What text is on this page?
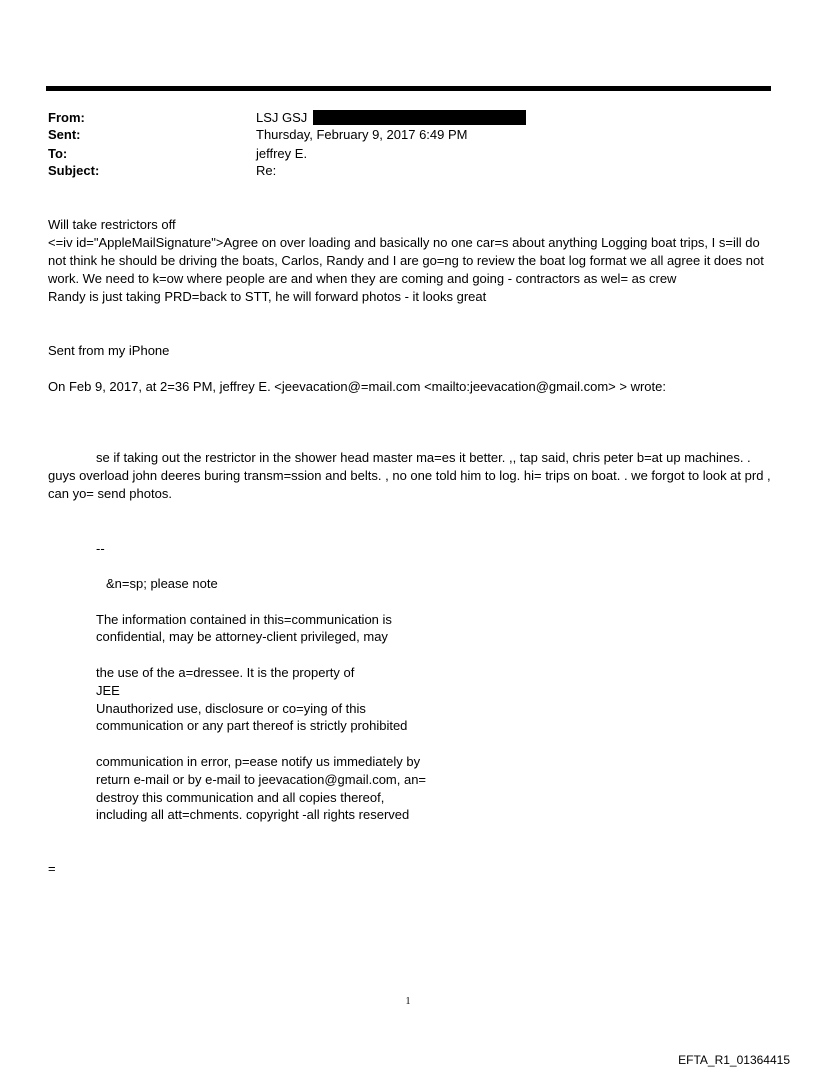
From:	LSJ GSJ
Sent:	Thursday, February 9, 2017 6:49 PM
To:	jeffrey E.
Subject:	Re:

Will take restrictors off

<=iv id="AppleMailSignature">Agree on over loading and basically no one car=s about anything Logging boat trips, I s=ill do not think he should be driving the boats, Carlos, Randy and I are go=ng to review the boat log format we all agree it does not work. We need to k=ow where people are and when they are coming and going - contractors as wel= as crew

Randy is just taking PRD=back to STT, he will forward photos - it looks great

Sent from my iPhone

On Feb 9, 2017, at 2=36 PM, jeffrey E. <jeevacation@=mail.com <mailto:jeevacation@gmail.com> > wrote:

se if taking out the restrictor in the shower head master ma=es it better. ,, tap said, chris peter b=at up machines. . guys overload john deeres buring transm=ssion and belts. , no one told him to log. hi= trips on boat. . we forgot to look at prd , can yo= send photos.

--

&n=sp; please note

The information contained in this=communication is

confidential, may be attorney-client privileged, may

the use of the a=dressee. It is the property of

JEE

Unauthorized use, disclosure or co=ying of this

communication or any part thereof is strictly prohibited

communication in error, p=ease notify us immediately by

return e-mail or by e-mail to jeevacation@gmail.com, an=

destroy this communication and all copies thereof,

including all att=chments. copyright -all rights reserved

=

1
EFTA_R1_01364415
